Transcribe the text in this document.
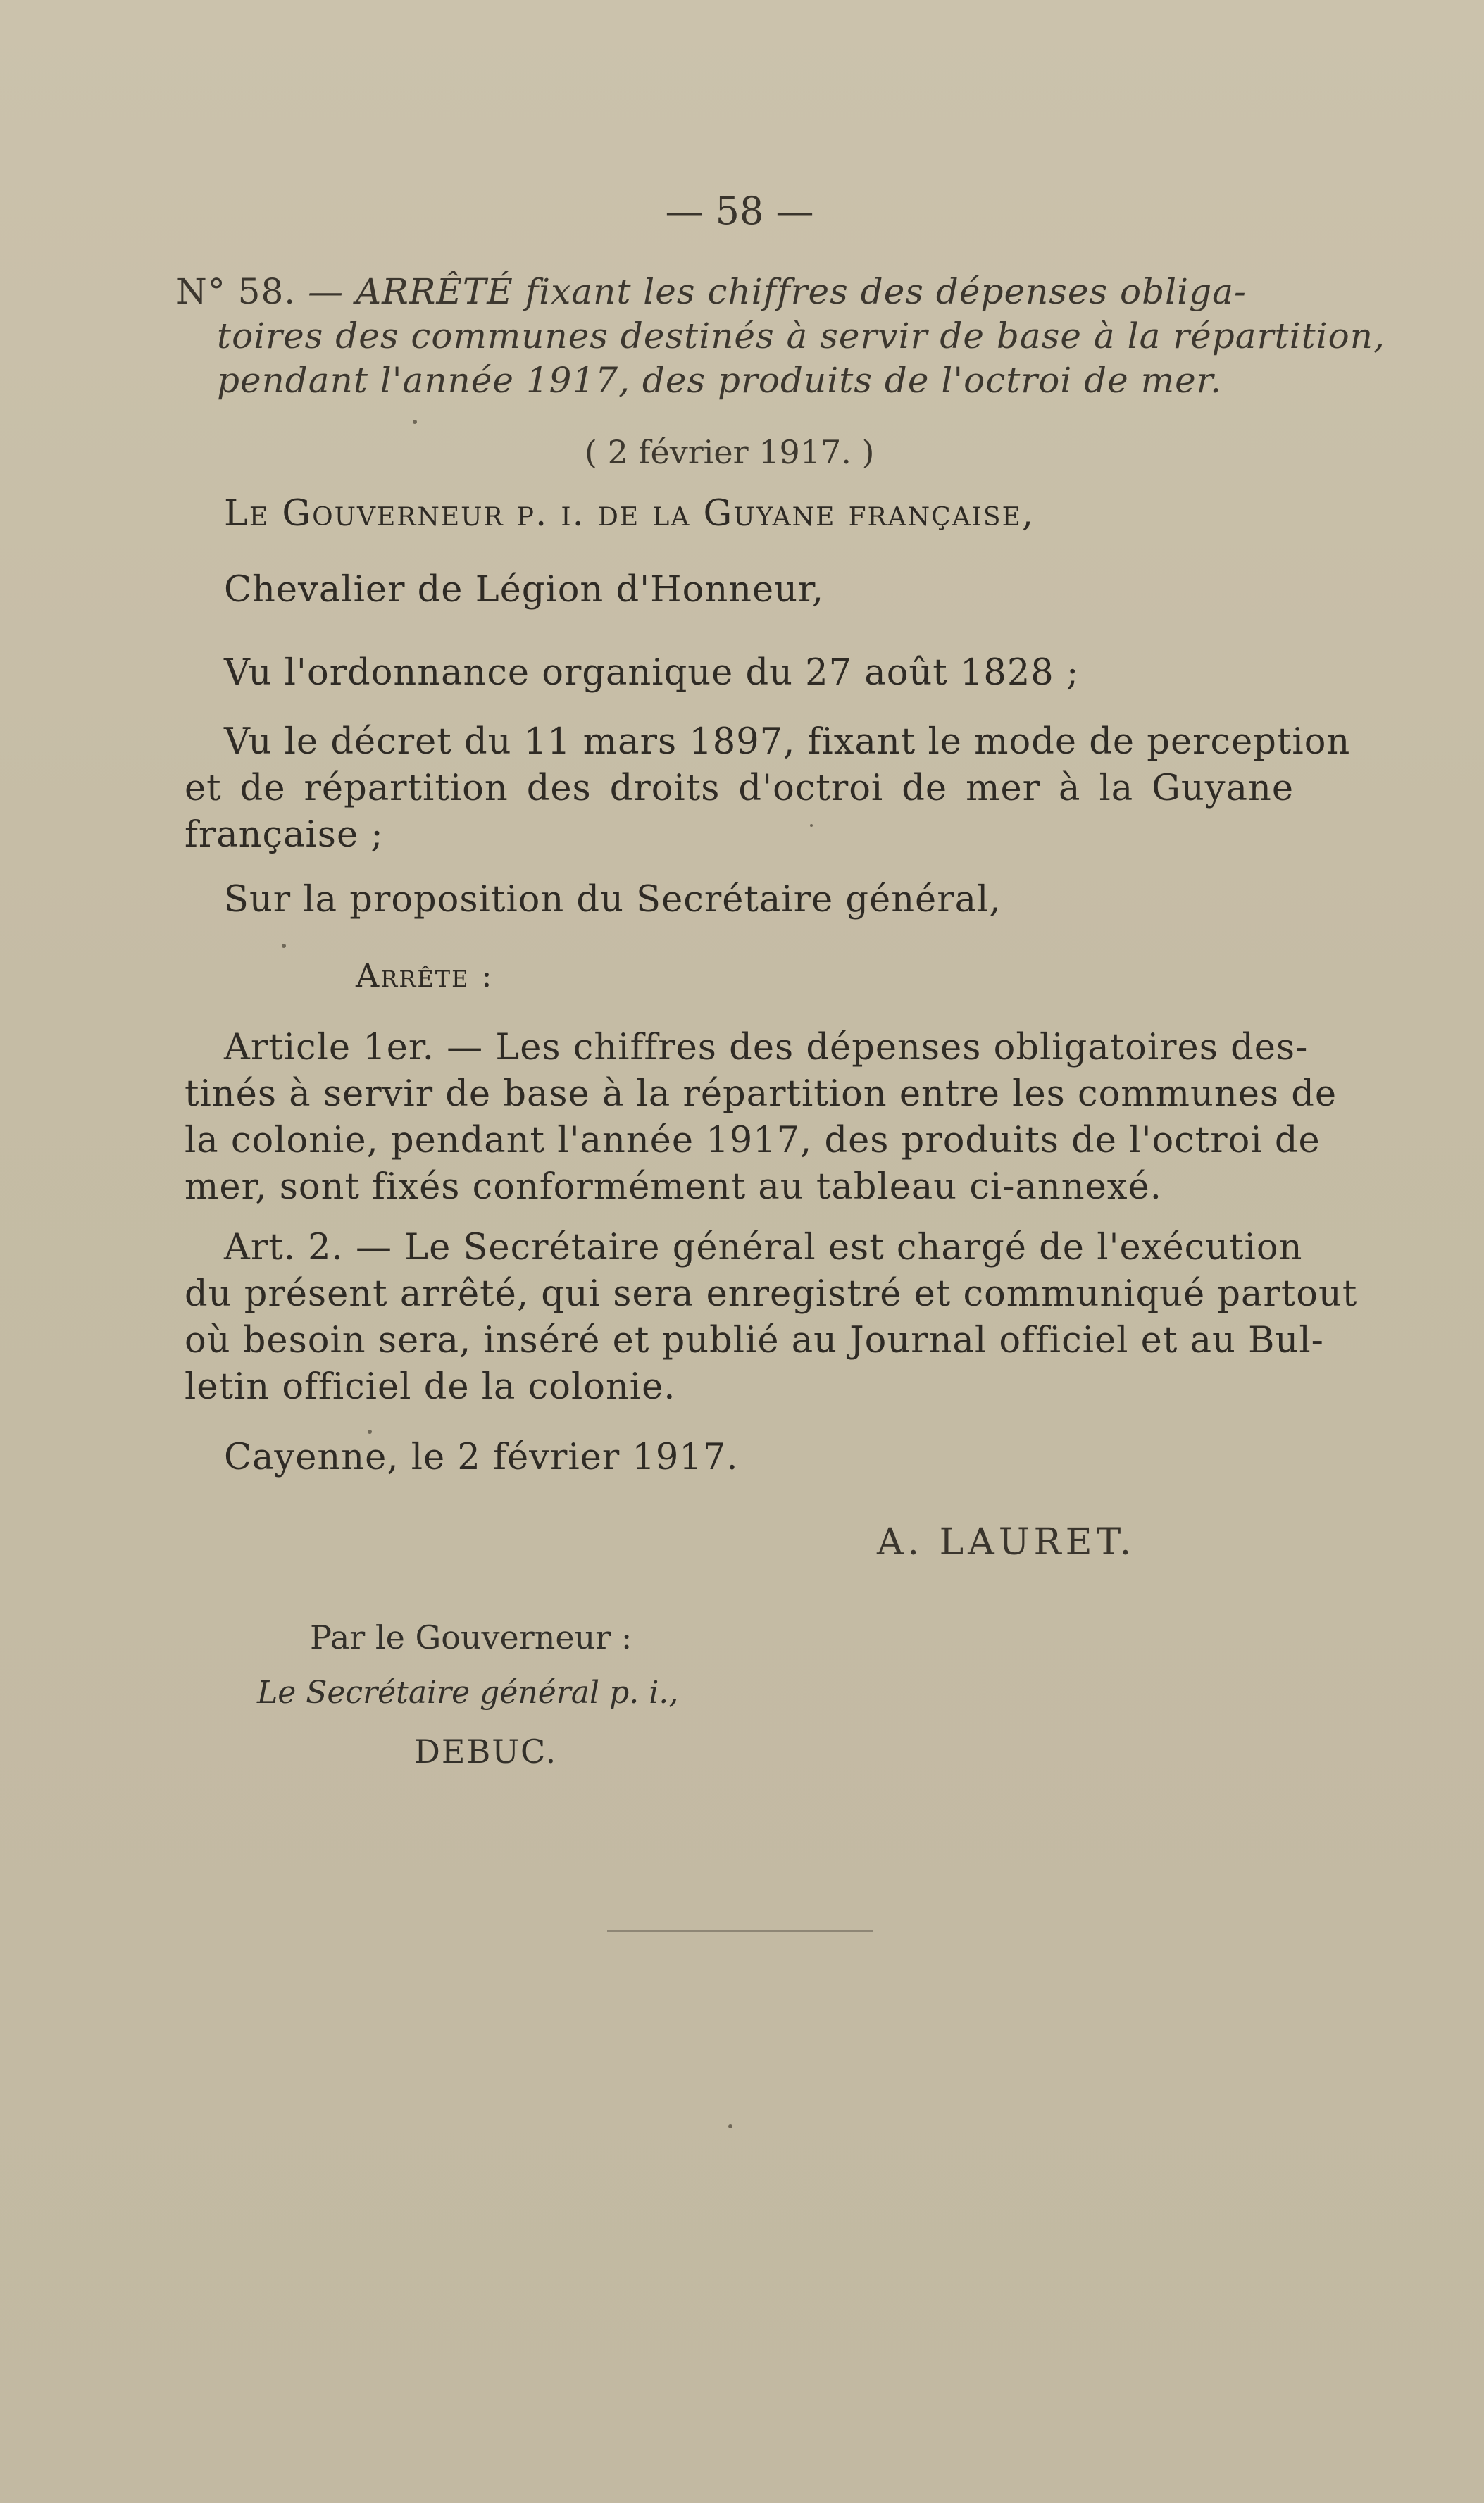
— 58 —

N° 58. — ARRÊTÉ fixant les chiffres des dépenses obliga-

toires des communes destinés à servir de base à la répartition,

pendant l'année 1917, des produits de l'octroi de mer.

( 2 février 1917. )

Le Gouverneur p. i. de la Guyane française,

Chevalier de Légion d'Honneur,

Vu l'ordonnance organique du 27 août 1828 ;

Vu le décret du 11 mars 1897, fixant le mode de perception

et de répartition des droits d'octroi de mer à la Guyane

française ;

Sur la proposition du Secrétaire général,

Arrête :

Article 1er. — Les chiffres des dépenses obligatoires des-

tinés à servir de base à la répartition entre les communes de

la colonie, pendant l'année 1917, des produits de l'octroi de

mer, sont fixés conformément au tableau ci-annexé.

Art. 2. — Le Secrétaire général est chargé de l'exécution

du présent arrêté, qui sera enregistré et communiqué partout

où besoin sera, inséré et publié au Journal officiel et au Bul-

letin officiel de la colonie.

Cayenne, le 2 février 1917.

A. LAURET.

Par le Gouverneur :

Le Secrétaire général p. i.,

DEBUC.
